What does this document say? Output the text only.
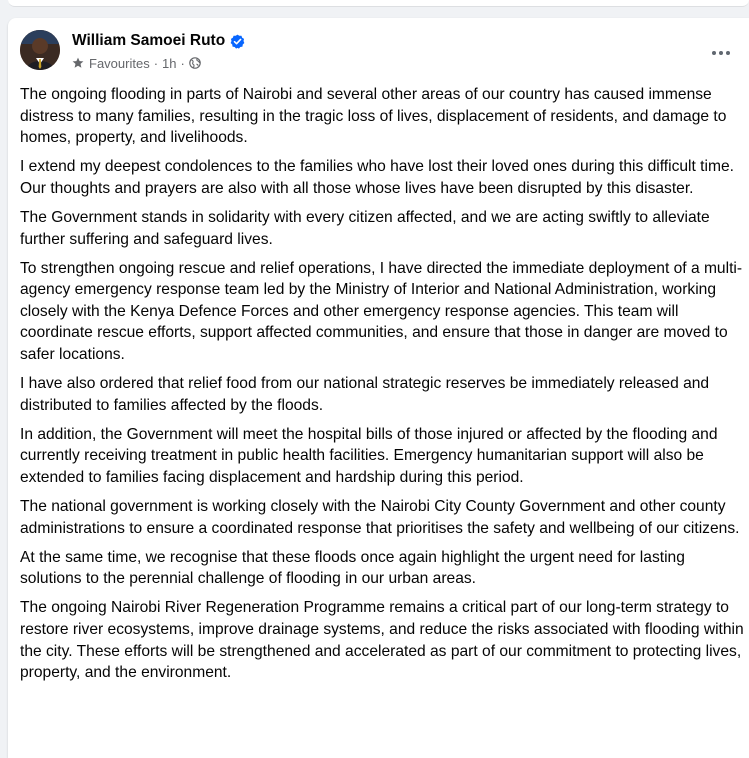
William Samoei Ruto
Favourites · 1h ·

The ongoing flooding in parts of Nairobi and several other areas of our country has caused immense distress to many families, resulting in the tragic loss of lives, displacement of residents, and damage to homes, property, and livelihoods.

I extend my deepest condolences to the families who have lost their loved ones during this difficult time. Our thoughts and prayers are also with all those whose lives have been disrupted by this disaster.

The Government stands in solidarity with every citizen affected, and we are acting swiftly to alleviate further suffering and safeguard lives.

To strengthen ongoing rescue and relief operations, I have directed the immediate deployment of a multi-agency emergency response team led by the Ministry of Interior and National Administration, working closely with the Kenya Defence Forces and other emergency response agencies. This team will coordinate rescue efforts, support affected communities, and ensure that those in danger are moved to safer locations.

I have also ordered that relief food from our national strategic reserves be immediately released and distributed to families affected by the floods.

In addition, the Government will meet the hospital bills of those injured or affected by the flooding and currently receiving treatment in public health facilities. Emergency humanitarian support will also be extended to families facing displacement and hardship during this period.

The national government is working closely with the Nairobi City County Government and other county administrations to ensure a coordinated response that prioritises the safety and wellbeing of our citizens.

At the same time, we recognise that these floods once again highlight the urgent need for lasting solutions to the perennial challenge of flooding in our urban areas.

The ongoing Nairobi River Regeneration Programme remains a critical part of our long-term strategy to restore river ecosystems, improve drainage systems, and reduce the risks associated with flooding within the city. These efforts will be strengthened and accelerated as part of our commitment to protecting lives, property, and the environment.
